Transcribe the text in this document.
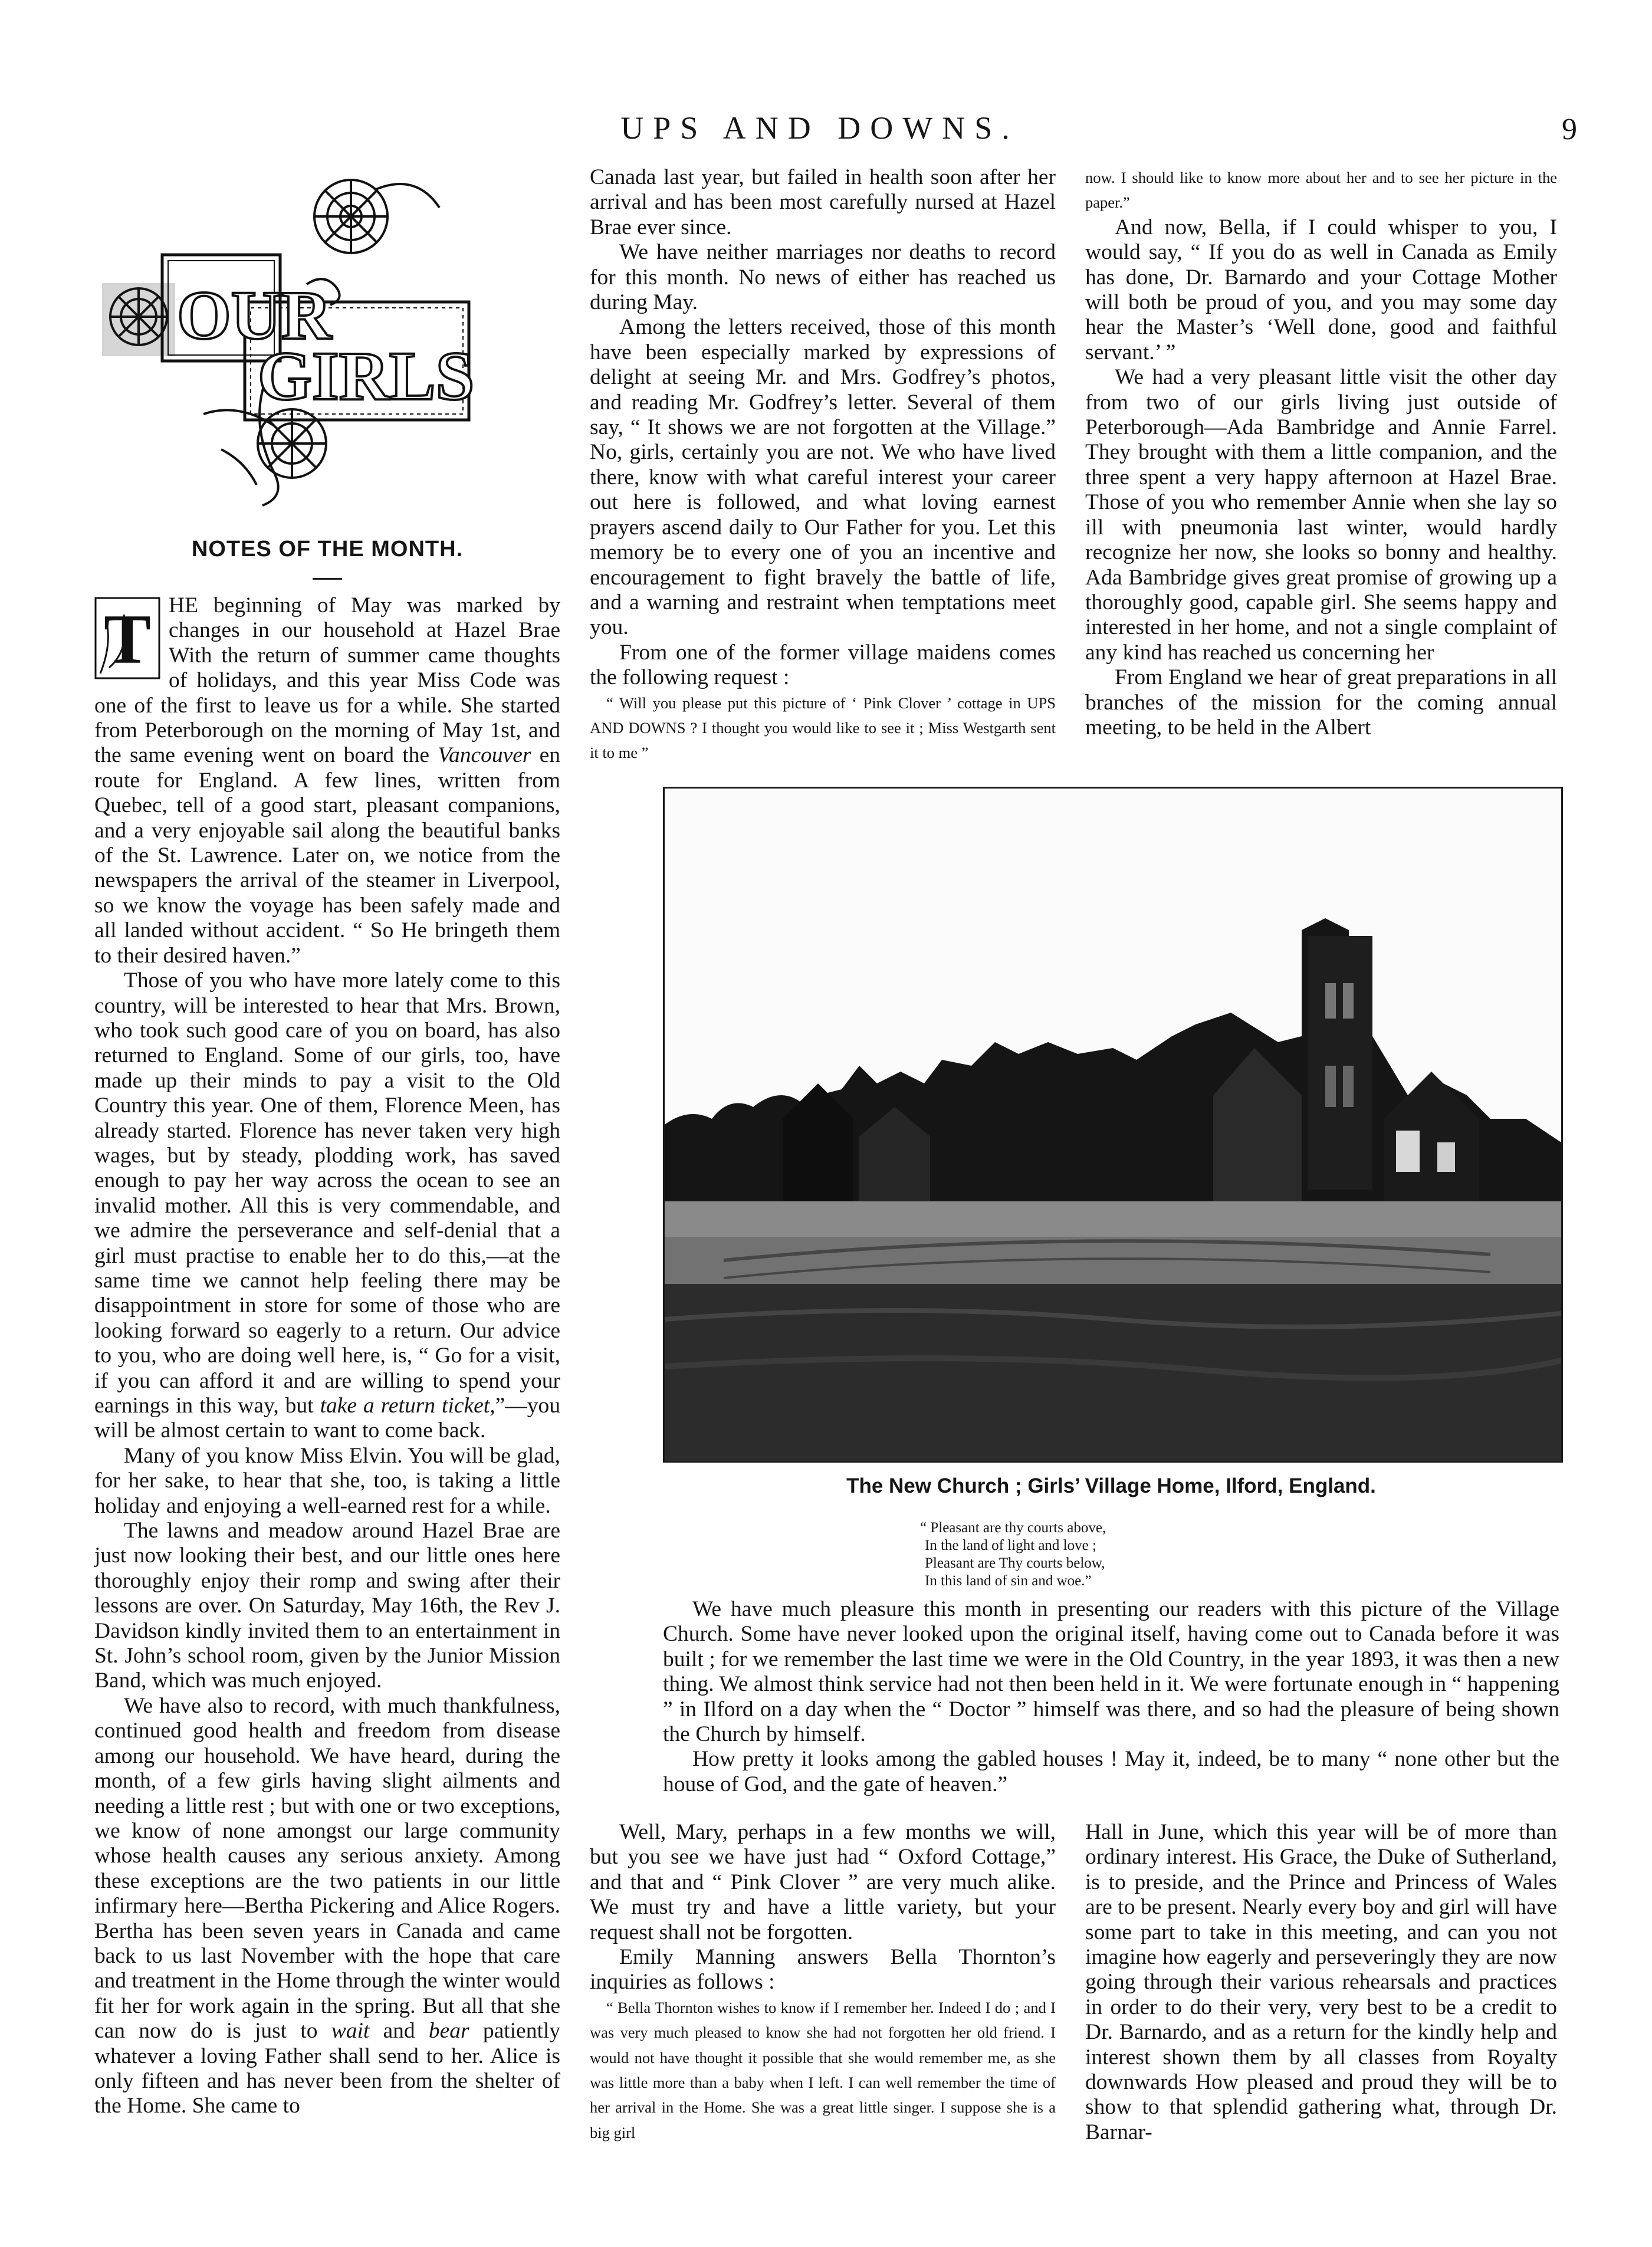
UPS AND DOWNS.	9
OUR
GIRLS
NOTES OF THE MONTH.

T HE beginning of May was marked by changes in our household at Hazel Brae With the return of summer came thoughts of holidays, and this year Miss Code was one of the first to leave us for a while. She started from Peterborough on the morning of May 1st, and the same evening went on board the Vancouver en route for England. A few lines, written from Quebec, tell of a good start, pleasant companions, and a very enjoyable sail along the beautiful banks of the St. Lawrence. Later on, we notice from the newspapers the arrival of the steamer in Liverpool, so we know the voyage has been safely made and all landed without accident. “ So He bringeth them to their desired haven.”

Those of you who have more lately come to this country, will be interested to hear that Mrs. Brown, who took such good care of you on board, has also returned to England. Some of our girls, too, have made up their minds to pay a visit to the Old Country this year. One of them, Florence Meen, has already started. Florence has never taken very high wages, but by steady, plodding work, has saved enough to pay her way across the ocean to see an invalid mother. All this is very commendable, and we admire the perseverance and self-denial that a girl must practise to enable her to do this,—at the same time we cannot help feeling there may be disappointment in store for some of those who are looking forward so eagerly to a return. Our advice to you, who are doing well here, is, “ Go for a visit, if you can afford it and are willing to spend your earnings in this way, but take a return ticket,”—you will be almost certain to want to come back.

Many of you know Miss Elvin. You will be glad, for her sake, to hear that she, too, is taking a little holiday and enjoying a well-earned rest for a while.

The lawns and meadow around Hazel Brae are just now looking their best, and our little ones here thoroughly enjoy their romp and swing after their lessons are over. On Saturday, May 16th, the Rev J. Davidson kindly invited them to an entertainment in St. John’s school room, given by the Junior Mission Band, which was much enjoyed.

We have also to record, with much thankfulness, continued good health and freedom from disease among our household. We have heard, during the month, of a few girls having slight ailments and needing a little rest ; but with one or two exceptions, we know of none amongst our large community whose health causes any serious anxiety. Among these exceptions are the two patients in our little infirmary here—Bertha Pickering and Alice Rogers. Bertha has been seven years in Canada and came back to us last November with the hope that care and treatment in the Home through the winter would fit her for work again in the spring. But all that she can now do is just to wait and bear patiently whatever a loving Father shall send to her. Alice is only fifteen and has never been from the shelter of the Home. She came to

Canada last year, but failed in health soon after her arrival and has been most carefully nursed at Hazel Brae ever since.

We have neither marriages nor deaths to record for this month. No news of either has reached us during May.

Among the letters received, those of this month have been especially marked by expressions of delight at seeing Mr. and Mrs. Godfrey’s photos, and reading Mr. Godfrey’s letter. Several of them say, “ It shows we are not forgotten at the Village.” No, girls, certainly you are not. We who have lived there, know with what careful interest your career out here is followed, and what loving earnest prayers ascend daily to Our Father for you. Let this memory be to every one of you an incentive and encouragement to fight bravely the battle of life, and a warning and restraint when temptations meet you.

From one of the former village maidens comes the following request :

“ Will you please put this picture of ‘ Pink Clover ’ cottage in UPS AND DOWNS ? I thought you would like to see it ; Miss Westgarth sent it to me ”

now. I should like to know more about her and to see her picture in the paper.”

And now, Bella, if I could whisper to you, I would say, “ If you do as well in Canada as Emily has done, Dr. Barnardo and your Cottage Mother will both be proud of you, and you may some day hear the Master’s ‘Well done, good and faithful servant.’ ”

We had a very pleasant little visit the other day from two of our girls living just outside of Peterborough—Ada Bambridge and Annie Farrel. They brought with them a little companion, and the three spent a very happy afternoon at Hazel Brae. Those of you who remember Annie when she lay so ill with pneumonia last winter, would hardly recognize her now, she looks so bonny and healthy. Ada Bambridge gives great promise of growing up a thoroughly good, capable girl. She seems happy and interested in her home, and not a single complaint of any kind has reached us concerning her

From England we hear of great preparations in all branches of the mission for the coming annual meeting, to be held in the Albert

The New Church ; Girls’ Village Home, Ilford, England.
“ Pleasant are thy courts above,
In the land of light and love ;
Pleasant are Thy courts below,
In this land of sin and woe.”

We have much pleasure this month in presenting our readers with this picture of the Village Church. Some have never looked upon the original itself, having come out to Canada before it was built ; for we remember the last time we were in the Old Country, in the year 1893, it was then a new thing. We almost think service had not then been held in it. We were fortunate enough in “ happening ” in Ilford on a day when the “ Doctor ” himself was there, and so had the pleasure of being shown the Church by himself.

How pretty it looks among the gabled houses ! May it, indeed, be to many “ none other but the house of God, and the gate of heaven.”

Well, Mary, perhaps in a few months we will, but you see we have just had “ Oxford Cottage,” and that and “ Pink Clover ” are very much alike. We must try and have a little variety, but your request shall not be forgotten.

Emily Manning answers Bella Thornton’s inquiries as follows :

“ Bella Thornton wishes to know if I remember her. Indeed I do ; and I was very much pleased to know she had not forgotten her old friend. I would not have thought it possible that she would remember me, as she was little more than a baby when I left. I can well remember the time of her arrival in the Home. She was a great little singer. I suppose she is a big girl

Hall in June, which this year will be of more than ordinary interest. His Grace, the Duke of Sutherland, is to preside, and the Prince and Princess of Wales are to be present. Nearly every boy and girl will have some part to take in this meeting, and can you not imagine how eagerly and perseveringly they are now going through their various rehearsals and practices in order to do their very, very best to be a credit to Dr. Barnardo, and as a return for the kindly help and interest shown them by all classes from Royalty downwards How pleased and proud they will be to show to that splendid gathering what, through Dr. Barnar-
